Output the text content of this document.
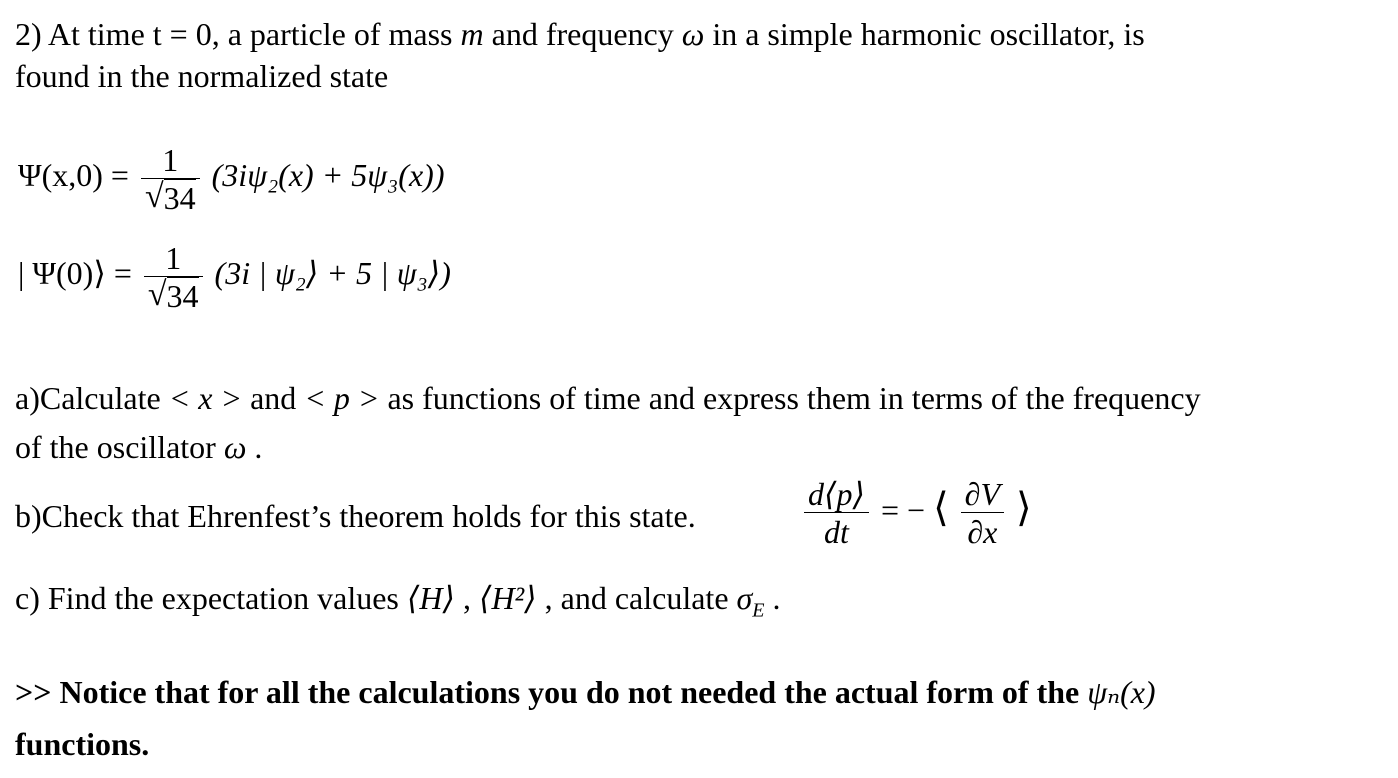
2) At time t = 0, a particle of mass m and frequency ω in a simple harmonic oscillator, is
found in the normalized state
$\Psi(x,0) = \frac{1}{√ 34} (3i\psi_2(x) + 5\psi_3(x))$
| Ψ(0)⟩ = $\frac{1}{√ 34} (3i$ | ψ₂⟩ + 5 | ψ₃⟩)
a)Calculate < x > and < p > as functions of time and express them in terms of the frequency
of the oscillator ω .
b)Check that Ehrenfest’s theorem holds for this state.	$\frac{d⟨p⟩}{dt}$ = − ⟨ $\frac{\partial V}{\partial x}$ ⟩
c) Find the expectation values ⟨H⟩ , ⟨H²⟩ , and calculate $\sigma_E$ .
>> Notice that for all the calculations you do not needed the actual form of the ψₙ(x)
functions.
